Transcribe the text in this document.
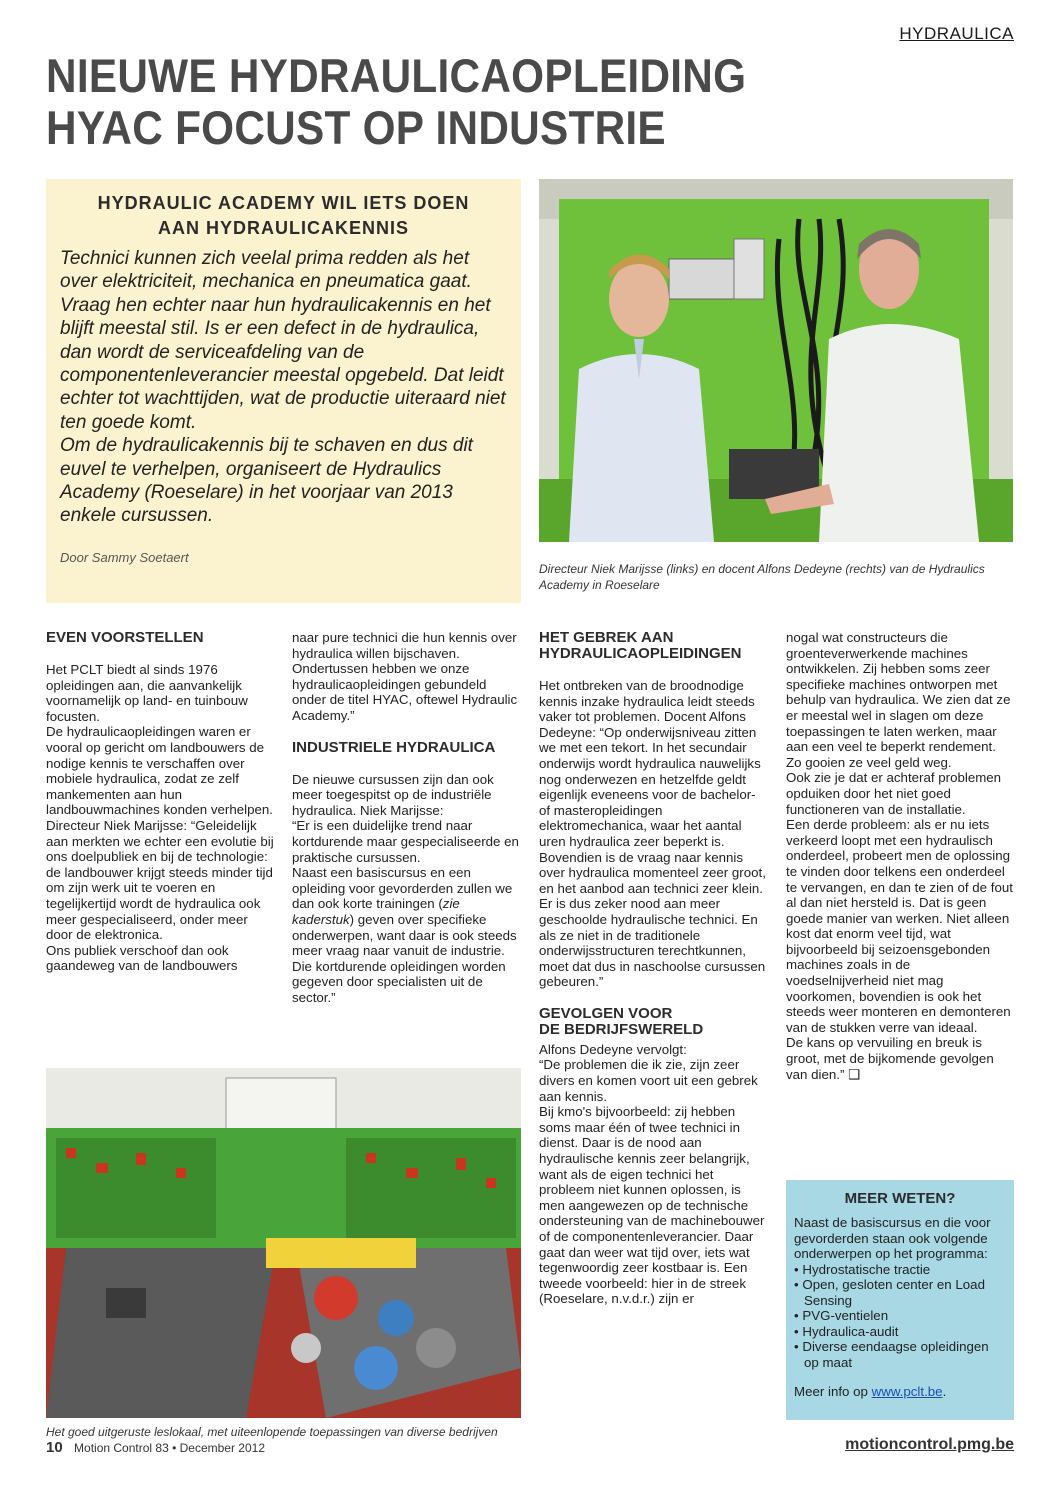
HYDRAULICA
NIEUWE HYDRAULICAOPLEIDING
HYAC FOCUST OP INDUSTRIE
HYDRAULIC ACADEMY WIL IETS DOEN
AAN HYDRAULICAKENNIS

Technici kunnen zich veelal prima redden als het over elektriciteit, mechanica en pneumatica gaat. Vraag hen echter naar hun hydraulicakennis en het blijft meestal stil. Is er een defect in de hydraulica, dan wordt de serviceafdeling van de componentenleverancier meestal opgebeld. Dat leidt echter tot wachttijden, wat de productie uiteraard niet ten goede komt.

Om de hydraulicakennis bij te schaven en dus dit euvel te verhelpen, organiseert de Hydraulics Academy (Roeselare) in het voorjaar van 2013 enkele cursussen.

Door Sammy Soetaert
Directeur Niek Marijsse (links) en docent Alfons Dedeyne (rechts) van de Hydraulics Academy in Roeselare
EVEN VOORSTELLEN

Het PCLT biedt al sinds 1976 opleidingen aan, die aanvankelijk voornamelijk op land- en tuinbouw focusten.

De hydraulicaopleidingen waren er vooral op gericht om landbouwers de nodige kennis te verschaffen over mobiele hydraulica, zodat ze zelf mankementen aan hun landbouwmachines konden verhelpen.

Directeur Niek Marijsse: “Geleidelijk aan merkten we echter een evolutie bij ons doelpubliek en bij de technologie: de landbouwer krijgt steeds minder tijd om zijn werk uit te voeren en tegelijkertijd wordt de hydraulica ook meer gespecialiseerd, onder meer door de elektronica.

Ons publiek verschoof dan ook gaandeweg van de landbouwers

naar pure technici die hun kennis over hydraulica willen bijschaven. Ondertussen hebben we onze hydraulicaopleidingen gebundeld onder de titel HYAC, oftewel Hydraulic Academy.”

INDUSTRIELE HYDRAULICA

De nieuwe cursussen zijn dan ook meer toegespitst op de industriële hydraulica. Niek Marijsse:

“Er is een duidelijke trend naar kortdurende maar gespecialiseerde en praktische cursussen.

Naast een basiscursus en een opleiding voor gevorderden zullen we dan ook korte trainingen (zie kaderstuk) geven over specifieke onderwerpen, want daar is ook steeds meer vraag naar vanuit de industrie. Die kortdurende opleidingen worden gegeven door specialisten uit de sector.”

Het goed uitgeruste leslokaal, met uiteenlopende toepassingen van diverse bedrijven
HET GEBREK AAN
HYDRAULICAOPLEIDINGEN

Het ontbreken van de broodnodige kennis inzake hydraulica leidt steeds vaker tot problemen. Docent Alfons Dedeyne: “Op onderwijsniveau zitten we met een tekort. In het secundair onderwijs wordt hydraulica nauwelijks nog onderwezen en hetzelfde geldt eigenlijk eveneens voor de bachelor- of masteropleidingen elektromechanica, waar het aantal uren hydraulica zeer beperkt is. Bovendien is de vraag naar kennis over hydraulica momenteel zeer groot, en het aanbod aan technici zeer klein. Er is dus zeker nood aan meer geschoolde hydraulische technici. En als ze niet in de traditionele onderwijsstructuren terechtkunnen, moet dat dus in naschoolse cursussen gebeuren.”

GEVOLGEN VOOR
DE BEDRIJFSWERELD

Alfons Dedeyne vervolgt:

“De problemen die ik zie, zijn zeer divers en komen voort uit een gebrek aan kennis.

Bij kmo's bijvoorbeeld: zij hebben soms maar één of twee technici in dienst. Daar is de nood aan hydraulische kennis zeer belangrijk, want als de eigen technici het probleem niet kunnen oplossen, is men aangewezen op de technische ondersteuning van de machinebouwer of de componentenleverancier. Daar gaat dan weer wat tijd over, iets wat tegenwoordig zeer kostbaar is. Een tweede voorbeeld: hier in de streek (Roeselare, n.v.d.r.) zijn er

nogal wat constructeurs die groenteverwerkende machines ontwikkelen. Zij hebben soms zeer specifieke machines ontworpen met behulp van hydraulica. We zien dat ze er meestal wel in slagen om deze toepassingen te laten werken, maar aan een veel te beperkt rendement. Zo gooien ze veel geld weg.

Ook zie je dat er achteraf problemen opduiken door het niet goed functioneren van de installatie.

Een derde probleem: als er nu iets verkeerd loopt met een hydraulisch onderdeel, probeert men de oplossing te vinden door telkens een onderdeel te vervangen, en dan te zien of de fout al dan niet hersteld is. Dat is geen goede manier van werken. Niet alleen kost dat enorm veel tijd, wat bijvoorbeeld bij seizoensgebonden machines zoals in de voedselnijverheid niet mag voorkomen, bovendien is ook het steeds weer monteren en demonteren van de stukken verre van ideaal.

De kans op vervuiling en breuk is groot, met de bijkomende gevolgen van dien.” ❑

MEER WETEN?
Naast de basiscursus en die voor gevorderden staan ook volgende onderwerpen op het programma:
• Hydrostatische tractie
• Open, gesloten center en Load Sensing
• PVG-ventielen
• Hydraulica-audit
• Diverse eendaagse opleidingen op maat
Meer info op www.pclt.be.
10 Motion Control 83 • December 2012	motioncontrol.pmg.be
